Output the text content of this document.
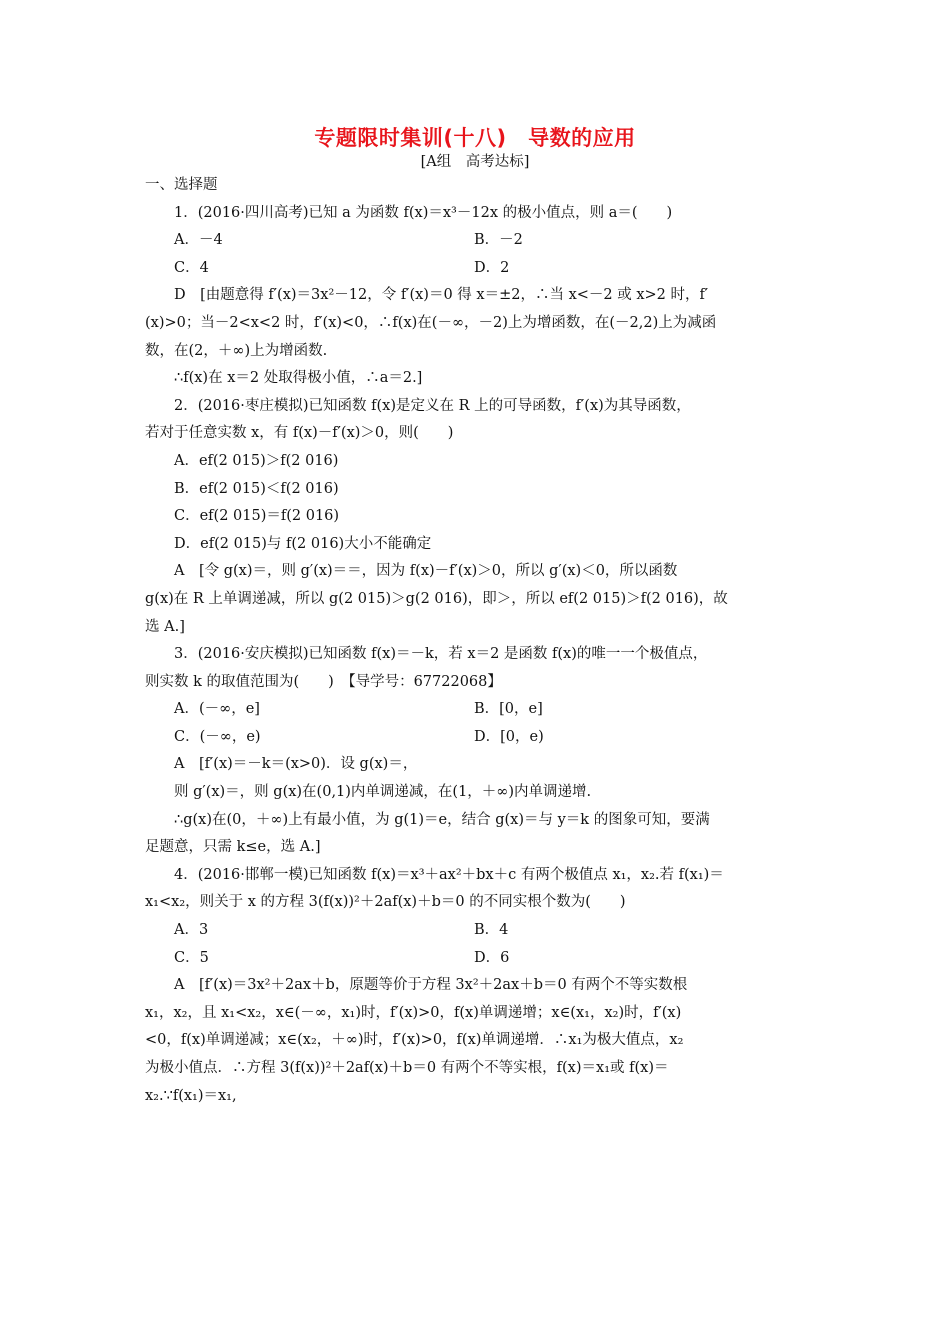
专题限时集训(十八)　导数的应用
[A组　高考达标]
一、选择题
1．(2016·四川高考)已知 a 为函数 f(x)＝x³－12x 的极小值点，则 a＝(　　)
A．－4	B．－2
C．4	D．2
D　[由题意得 f′(x)＝3x²－12，令 f′(x)＝0 得 x＝±2，∴当 x<－2 或 x>2 时，f′
(x)>0；当－2<x<2 时，f′(x)<0，∴f(x)在(－∞，－2)上为增函数，在(－2,2)上为减函
数，在(2，＋∞)上为增函数.
∴f(x)在 x＝2 处取得极小值，∴a＝2.]
2．(2016·枣庄模拟)已知函数 f(x)是定义在 R 上的可导函数，f′(x)为其导函数，
若对于任意实数 x，有 f(x)－f′(x)＞0，则(　　)
A．ef(2 015)＞f(2 016)
B．ef(2 015)＜f(2 016)
C．ef(2 015)＝f(2 016)
D．ef(2 015)与 f(2 016)大小不能确定
A　[令 g(x)＝，则 g′(x)＝＝，因为 f(x)－f′(x)＞0，所以 g′(x)＜0，所以函数
g(x)在 R 上单调递减，所以 g(2 015)＞g(2 016)，即＞，所以 ef(2 015)＞f(2 016)，故
选 A.]
3．(2016·安庆模拟)已知函数 f(x)＝－k，若 x＝2 是函数 f(x)的唯一一个极值点，
则实数 k 的取值范围为(　　)　【导学号：67722068】
A．(－∞，e]	B．[0，e]
C．(－∞，e)	D．[0，e)
A　[f′(x)＝－k＝(x>0)．设 g(x)＝，
则 g′(x)＝，则 g(x)在(0,1)内单调递减，在(1，＋∞)内单调递增.
∴g(x)在(0，＋∞)上有最小值，为 g(1)＝e，结合 g(x)＝与 y＝k 的图象可知，要满
足题意，只需 k≤e，选 A.]
4．(2016·邯郸一模)已知函数 f(x)＝x³＋ax²＋bx＋c 有两个极值点 x₁，x₂.若 f(x₁)＝
x₁<x₂，则关于 x 的方程 3(f(x))²＋2af(x)＋b＝0 的不同实根个数为(　　)
A．3	B．4
C．5	D．6
A　[f′(x)＝3x²＋2ax＋b，原题等价于方程 3x²＋2ax＋b＝0 有两个不等实数根
x₁，x₂，且 x₁<x₂，x∈(－∞，x₁)时，f′(x)>0，f(x)单调递增；x∈(x₁，x₂)时，f′(x)
<0，f(x)单调递减；x∈(x₂，＋∞)时，f′(x)>0，f(x)单调递增．∴x₁为极大值点，x₂
为极小值点．∴方程 3(f(x))²＋2af(x)＋b＝0 有两个不等实根，f(x)＝x₁或 f(x)＝
x₂.∵f(x₁)＝x₁,
